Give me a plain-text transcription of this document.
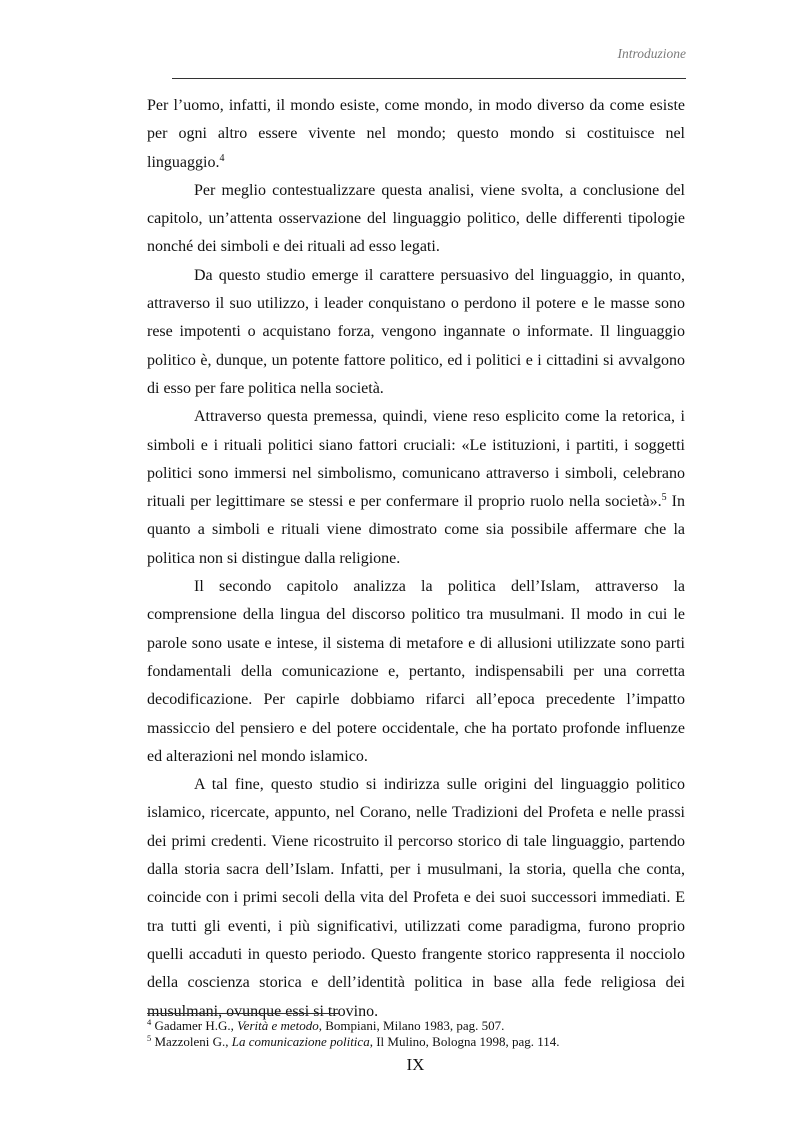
Introduzione

Per l’uomo, infatti, il mondo esiste, come mondo, in modo diverso da come esiste per ogni altro essere vivente nel mondo; questo mondo si costituisce nel linguaggio.$^4$

Per meglio contestualizzare questa analisi, viene svolta, a conclusione del capitolo, un’attenta osservazione del linguaggio politico, delle differenti tipologie nonché dei simboli e dei rituali ad esso legati.

Da questo studio emerge il carattere persuasivo del linguaggio, in quanto, attraverso il suo utilizzo, i leader conquistano o perdono il potere e le masse sono rese impotenti o acquistano forza, vengono ingannate o informate. Il linguaggio politico è, dunque, un potente fattore politico, ed i politici e i cittadini si avvalgono di esso per fare politica nella società.

Attraverso questa premessa, quindi, viene reso esplicito come la retorica, i simboli e i rituali politici siano fattori cruciali: «Le istituzioni, i partiti, i soggetti politici sono immersi nel simbolismo, comunicano attraverso i simboli, celebrano rituali per legittimare se stessi e per confermare il proprio ruolo nella società».$^5$ In quanto a simboli e rituali viene dimostrato come sia possibile affermare che la politica non si distingue dalla religione.

Il secondo capitolo analizza la politica dell’Islam, attraverso la comprensione della lingua del discorso politico tra musulmani. Il modo in cui le parole sono usate e intese, il sistema di metafore e di allusioni utilizzate sono parti fondamentali della comunicazione e, pertanto, indispensabili per una corretta decodificazione. Per capirle dobbiamo rifarci all’epoca precedente l’impatto massiccio del pensiero e del potere occidentale, che ha portato profonde influenze ed alterazioni nel mondo islamico.

A tal fine, questo studio si indirizza sulle origini del linguaggio politico islamico, ricercate, appunto, nel Corano, nelle Tradizioni del Profeta e nelle prassi dei primi credenti. Viene ricostruito il percorso storico di tale linguaggio, partendo dalla storia sacra dell’Islam. Infatti, per i musulmani, la storia, quella che conta, coincide con i primi secoli della vita del Profeta e dei suoi successori immediati. E tra tutti gli eventi, i più significativi, utilizzati come paradigma, furono proprio quelli accaduti in questo periodo. Questo frangente storico rappresenta il nocciolo della coscienza storica e dell’identità politica in base alla fede religiosa dei musulmani, ovunque essi si trovino.

$^4$ Gadamer H.G., Verità e metodo, Bompiani, Milano 1983, pag. 507.
$^5$ Mazzoleni G., La comunicazione politica, Il Mulino, Bologna 1998, pag. 114.
IX
